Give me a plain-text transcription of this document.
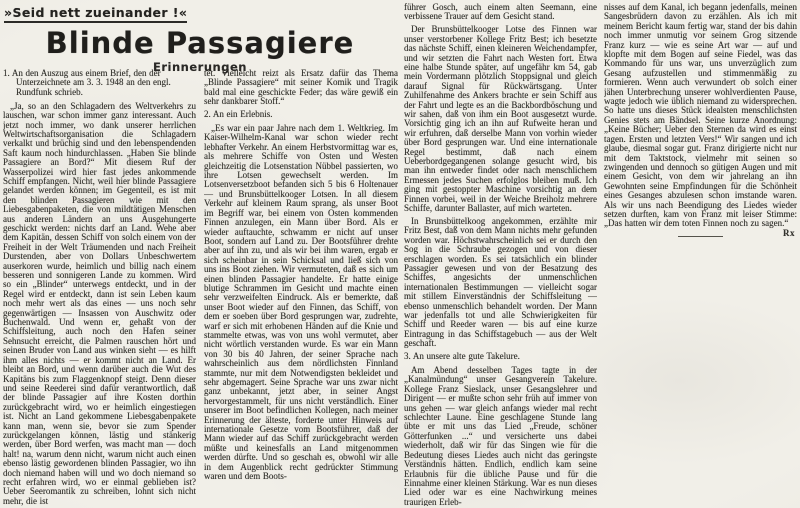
»Seid nett zueinander !«
Blinde Passagiere
Erinnerungen

1. An den Auszug aus einem Brief, den der Unterzeichnete am 3. 3. 1948 an den engl. Rundfunk schrieb.

„Ja, so an den Schlagadern des Weltverkehrs zu lauschen, war schon immer ganz interessant. Auch jetzt noch immer, wo dank unserer herrlichen Weltwirtschaftsorganisation die Schlagadern verkalkt und brüchig sind und den lebenspendenden Saft kaum noch hindurchlassen. „Haben Sie blinde Passagiere an Bord?“ Mit diesem Ruf der Wasserpolizei wird hier fast jedes ankommende Schiff empfangen. Nicht, weil hier blinde Passagiere gelandet werden können; im Gegenteil, es ist mit den blinden Passagieren wie mit den Liebesgabenpaketen, die von mildtätigen Menschen aus anderen Ländern an uns Ausgehungerte geschickt werden: nichts darf an Land. Wehe aber dem Kapitän, dessen Schiff von solch einem von der Freiheit in der Welt Träumenden und nach Freiheit Durstenden, aber von Dollars Unbeschwertem auserkoren wurde, heimlich und billig nach einem besseren und sonnigeren Lande zu kommen. Wird so ein „Blinder“ unterwegs entdeckt, und in der Regel wird er entdeckt, dann ist sein Leben kaum noch mehr wert als das eines — uns noch sehr gegenwärtigen — Insassen von Auschwitz oder Buchenwald. Und wenn er, gehaßt von der Schiffsleitung, auch noch den Hafen seiner Sehnsucht erreicht, die Palmen rauschen hört und seinen Bruder von Land aus winken sieht — es hilft ihm alles nichts — er kommt nicht an Land. Er bleibt an Bord, und wenn darüber auch die Wut des Kapitäns bis zum Flaggenknopf steigt. Denn dieser und seine Reederei sind dafür verantwortlich, daß der blinde Passagier auf ihre Kosten dorthin zurückgebracht wird, wo er heimlich eingestiegen ist. Nicht an Land gekommene Liebesgabenpakete kann man, wenn sie, bevor sie zum Spender zurückgelangen können, lästig und stänkerig werden, über Bord werfen, was macht man — doch halt! na, warum denn nicht, warum nicht auch einen ebenso lästig gewordenen blinden Passagier, wo ihn doch niemand haben will und wo doch niemand so recht erfahren wird, wo er einmal geblieben ist? Ueber Seeromantik zu schreiben, lohnt sich nicht mehr, die ist

tet. Vielleicht reizt als Ersatz dafür das Thema „Blinde Passagiere“ mit seiner Komik und Tragik bald mal eine geschickte Feder; das wäre gewiß ein sehr dankbarer Stoff.“

2. An ein Erlebnis.

„Es war ein paar Jahre nach dem 1. Weltkrieg. Im Kaiser-Wilhelm-Kanal war schon wieder recht lebhafter Verkehr. An einem Herbstvormittag war es, als mehrere Schiffe von Osten und Westen gleichzeitig die Lotsenstation Nübbel passierten, wo ihre Lotsen gewechselt werden. Im Lotsenversetzboot befanden sich 5 bis 6 Holtenauer — und Brunsbüttelkooger Lotsen. In all diesem Verkehr auf kleinem Raum sprang, als unser Boot im Begriff war, bei einem von Osten kommenden Finnen anzulegen, ein Mann über Bord. Als er wieder auftauchte, schwamm er nicht auf unser Boot, sondern auf Land zu. Der Bootsführer drehte aber auf ihn zu, und als wir bei ihm waren, ergab er sich scheinbar in sein Schicksal und ließ sich von uns ins Boot ziehen. Wir vermuteten, daß es sich um einen blinden Passagier handelte. Er hatte einige blutige Schrammen im Gesicht und machte einen sehr verzweifelten Eindruck. Als er bemerkte, daß unser Boot wieder auf den Finnen, das Schiff, von dem er soeben über Bord gesprungen war, zudrehte, warf er sich mit erhobenen Händen auf die Knie und stammelte etwas, was von uns wohl vermutet, aber nicht wörtlich verstanden wurde. Es war ein Mann von 30 bis 40 Jahren, der seiner Sprache nach wahrscheinlich aus dem nördlichsten Finnland stammte, nur mit dem Notwendigsten bekleidet und sehr abgemagert. Seine Sprache war uns zwar nicht ganz unbekannt, jetzt aber, in seiner Angst hervorgestammelt, für uns nicht verständlich. Einer unserer im Boot befindlichen Kollegen, nach meiner Erinnerung der älteste, forderte unter Hinweis auf internationale Gesetze vom Bootsführer, daß der Mann wieder auf das Schiff zurückgebracht werden müßte und keinesfalls an Land mitgenommen werden dürfte. Und so geschah es, obwohl wir alle in dem Augenblick recht gedrückter Stimmung waren und dem Boots-

führer Gosch, auch einem alten Seemann, eine verbissene Trauer auf dem Gesicht stand.

Der Brunsbüttelkooger Lotse des Finnen war unser verstorbener Kollege Fritz Best; ich besetzte das nächste Schiff, einen kleineren Weichendampfer, und wir setzten die Fahrt nach Westen fort. Etwa eine halbe Stunde später, auf ungefähr km 54, gab mein Vordermann plötzlich Stoppsignal und gleich darauf Signal für Rückwärtsgang. Unter Zuhilfenahme des Ankers brachte er sein Schiff aus der Fahrt und legte es an die Backbordböschung und wir sahen, daß von ihm ein Boot ausgesetzt wurde. Vorsichtig ging ich an ihn auf Rufweite heran und wir erfuhren, daß derselbe Mann von vorhin wieder über Bord gesprungen war. Und eine internationale Regel bestimmt, daß nach einem Ueberbordgegangenen solange gesucht wird, bis man ihn entweder findet oder nach menschlichem Ermessen jedes Suchen erfolglos bleiben muß. Ich ging mit gestoppter Maschine vorsichtig an dem Finnen vorbei, weil in der Weiche Breiholz mehrere Schiffe, darunter Ballaster, auf mich warteten.

In Brunsbüttelkoog angekommen, erzählte mir Fritz Best, daß von dem Mann nichts mehr gefunden worden war. Höchstwahrscheinlich sei er durch den Sog in die Schraube gezogen und von dieser erschlagen worden. Es sei tatsächlich ein blinder Passagier gewesen und von der Besatzung des Schiffes, angesichts der unmenschlichen internationalen Bestimmungen — vielleicht sogar mit stillem Einverständnis der Schiffsleitung — ebenso unmenschlich behandelt worden. Der Mann war jedenfalls tot und alle Schwierigkeiten für Schiff und Reeder waren — bis auf eine kurze Eintragung in das Schiffstagebuch — aus der Welt geschaft.

3. An unsere alte gute Takelure.

Am Abend desselben Tages tagte in der „Kanalmündung“ unser Gesangverein Takelure. Kollege Franz Sieslack, unser Gesangslehrer und Dirigent — er mußte schon sehr früh auf immer von uns gehen — war gleich anfangs wieder mal recht schlechter Laune. Eine geschlagene Stunde lang übte er mit uns das Lied „Freude, schöner Götterfunken ...“ und versicherte uns dabei wiederholt, daß wir für das Singen wie für die Bedeutung dieses Liedes auch nicht das geringste Verständnis hätten. Endlich, endlich kam seine Erlaubnis für die übliche Pause und für die Einnahme einer kleinen Stärkung. War es nun dieses Lied oder war es eine Nachwirkung meines traurigen Erleb-

nisses auf dem Kanal, ich begann jedenfalls, meinen Sangesbrüdern davon zu erzählen. Als ich mit meinem Bericht kaum fertig war, stand der bis dahin noch immer unmutig vor seinem Grog sitzende Franz kurz — wie es seine Art war — auf und klopfte mit dem Bogen auf seine Fiedel, was das Kommando für uns war, uns unverzüglich zum Gesang aufzustellen und stimmenmäßig zu formieren. Wenn auch verwundert ob solch einer jähen Unterbrechung unserer wohlverdienten Pause, wagte jedoch wie üblich niemand zu widersprechen. So hatte uns dieses Stück idealsten menschlichsten Genies stets am Bändsel. Seine kurze Anordnung: „Keine Bücher; Ueber den Sternen da wird es einst tagen. Ersten und letzten Vers!“ Wir sangen und ich glaube, diesmal sogar gut. Franz dirigierte nicht nur mit dem Taktstock, vielmehr mit seinen so zwingenden und dennoch so gütigen Augen und mit einem Gesicht, von dem wir jahrelang an ihn Gewohnten seine Empfindungen für die Schönheit eines Gesanges abzulesen schon imstande waren. Als wir uns nach Beendigung des Liedes wieder setzen durften, kam von Franz mit leiser Stimme: „Das hatten wir dem toten Finnen noch zu sagen.“
Rx
